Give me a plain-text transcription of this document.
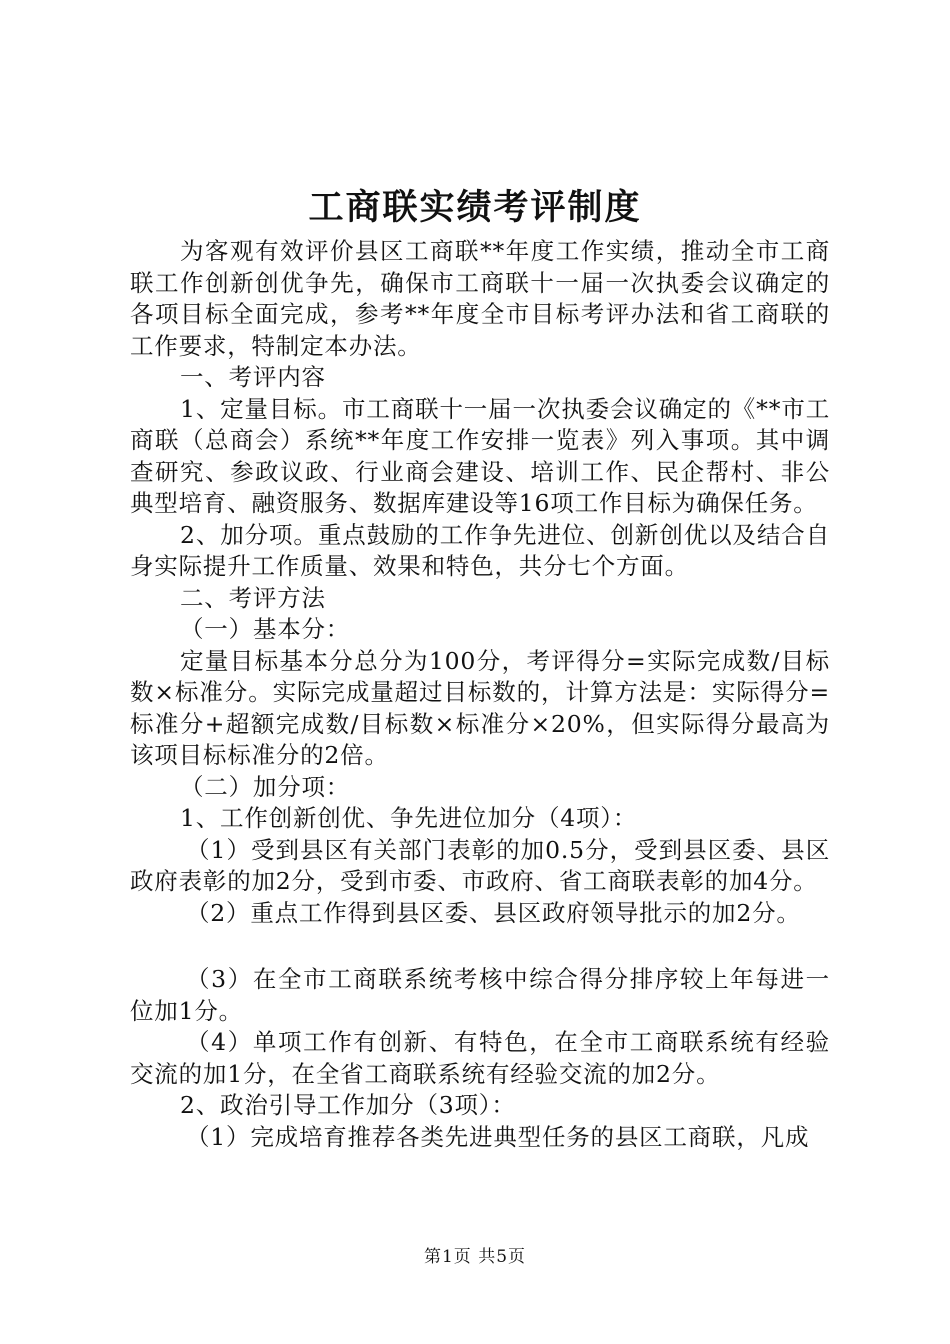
工商联实绩考评制度

为客观有效评价县区工商联**年度工作实绩，推动全市工商联工作创新创优争先，确保市工商联十一届一次执委会议确定的各项目标全面完成，参考**年度全市目标考评办法和省工商联的工作要求，特制定本办法。

一、考评内容

1、定量目标。市工商联十一届一次执委会议确定的《**市工商联（总商会）系统**年度工作安排一览表》列入事项。其中调查研究、参政议政、行业商会建设、培训工作、民企帮村、非公典型培育、融资服务、数据库建设等16项工作目标为确保任务。

2、加分项。重点鼓励的工作争先进位、创新创优以及结合自身实际提升工作质量、效果和特色，共分七个方面。

二、考评方法

（一）基本分：

定量目标基本分总分为100分，考评得分=实际完成数/目标数×标准分。实际完成量超过目标数的，计算方法是：实际得分=标准分+超额完成数/目标数×标准分×20%，但实际得分最高为该项目标标准分的2倍。

（二）加分项：

1、工作创新创优、争先进位加分（4项）：

（1）受到县区有关部门表彰的加0.5分，受到县区委、县区政府表彰的加2分，受到市委、市政府、省工商联表彰的加4分。

（2）重点工作得到县区委、县区政府领导批示的加2分。

（3）在全市工商联系统考核中综合得分排序较上年每进一位加1分。

（4）单项工作有创新、有特色，在全市工商联系统有经验交流的加1分，在全省工商联系统有经验交流的加2分。

2、政治引导工作加分（3项）：

（1）完成培育推荐各类先进典型任务的县区工商联，凡成

第1页 共5页
